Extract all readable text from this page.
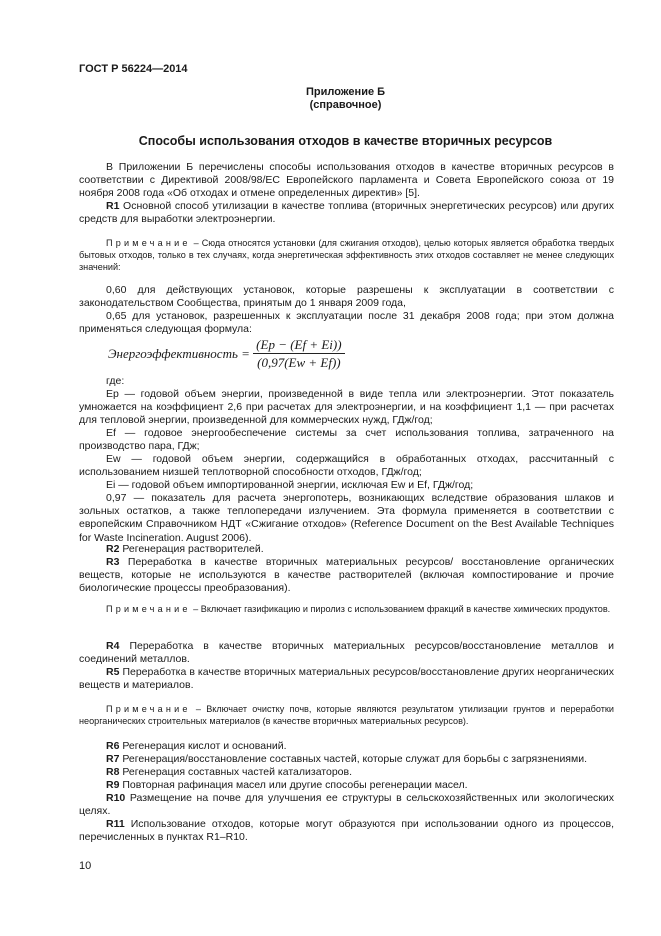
ГОСТ Р 56224—2014
Приложение Б
(справочное)
Способы использования отходов в качестве вторичных ресурсов

В Приложении Б перечислены способы использования отходов в качестве вторичных ресурсов в соответствии с Директивой 2008/98/ЕС Европейского парламента и Совета Европейского союза от 19 ноября 2008 года «Об отходах и отмене определенных директив» [5].

R1 Основной способ утилизации в качестве топлива (вторичных энергетических ресурсов) или других средств для выработки электроэнергии.

Примечание – Сюда относятся установки (для сжигания отходов), целью которых является обработка твердых бытовых отходов, только в тех случаях, когда энергетическая эффективность этих отходов составляет не менее следующих значений:

0,60 для действующих установок, которые разрешены к эксплуатации в соответствии с законодательством Сообщества, принятым до 1 января 2009 года,

0,65 для установок, разрешенных к эксплуатации после 31 декабря 2008 года; при этом должна применяться следующая формула:

Энергоэффективность = $\frac{(Ep - (Ef + Ei))}{(0,97(Ew + Ef))}$

где:

Ep — годовой объем энергии, произведенной в виде тепла или электроэнергии. Этот показатель умножается на коэффициент 2,6 при расчетах для электроэнергии, и на коэффициент 1,1 — при расчетах для тепловой энергии, произведенной для коммерческих нужд, ГДж/год;

Ef — годовое энергообеспечение системы за счет использования топлива, затраченного на производство пара, ГДж;

Ew — годовой объем энергии, содержащийся в обработанных отходах, рассчитанный с использованием низшей теплотворной способности отходов, ГДж/год;

Ei — годовой объем импортированной энергии, исключая Ew и Ef, ГДж/год;

0,97 — показатель для расчета энергопотерь, возникающих вследствие образования шлаков и зольных остатков, а также теплопередачи излучением. Эта формула применяется в соответствии с европейским Справочником НДТ «Сжигание отходов» (Reference Document on the Best Available Techniques for Waste Incineration. August 2006).

R2 Регенерация растворителей.

R3 Переработка в качестве вторичных материальных ресурсов/ восстановление органических веществ, которые не используются в качестве растворителей (включая компостирование и прочие биологические процессы преобразования).

Примечание – Включает газификацию и пиролиз с использованием фракций в качестве химических продуктов.

R4 Переработка в качестве вторичных материальных ресурсов/восстановление металлов и соединений металлов.

R5 Переработка в качестве вторичных материальных ресурсов/восстановление других неорганических веществ и материалов.

Примечание – Включает очистку почв, которые являются результатом утилизации грунтов и переработки неорганических строительных материалов (в качестве вторичных материальных ресурсов).

R6 Регенерация кислот и оснований.

R7 Регенерация/восстановление составных частей, которые служат для борьбы с загрязнениями.

R8 Регенерация составных частей катализаторов.

R9 Повторная рафинация масел или другие способы регенерации масел.

R10 Размещение на почве для улучшения ее структуры в сельскохозяйственных или экологических целях.

R11 Использование отходов, которые могут образуются при использовании одного из процессов, перечисленных в пунктах R1–R10.

10
